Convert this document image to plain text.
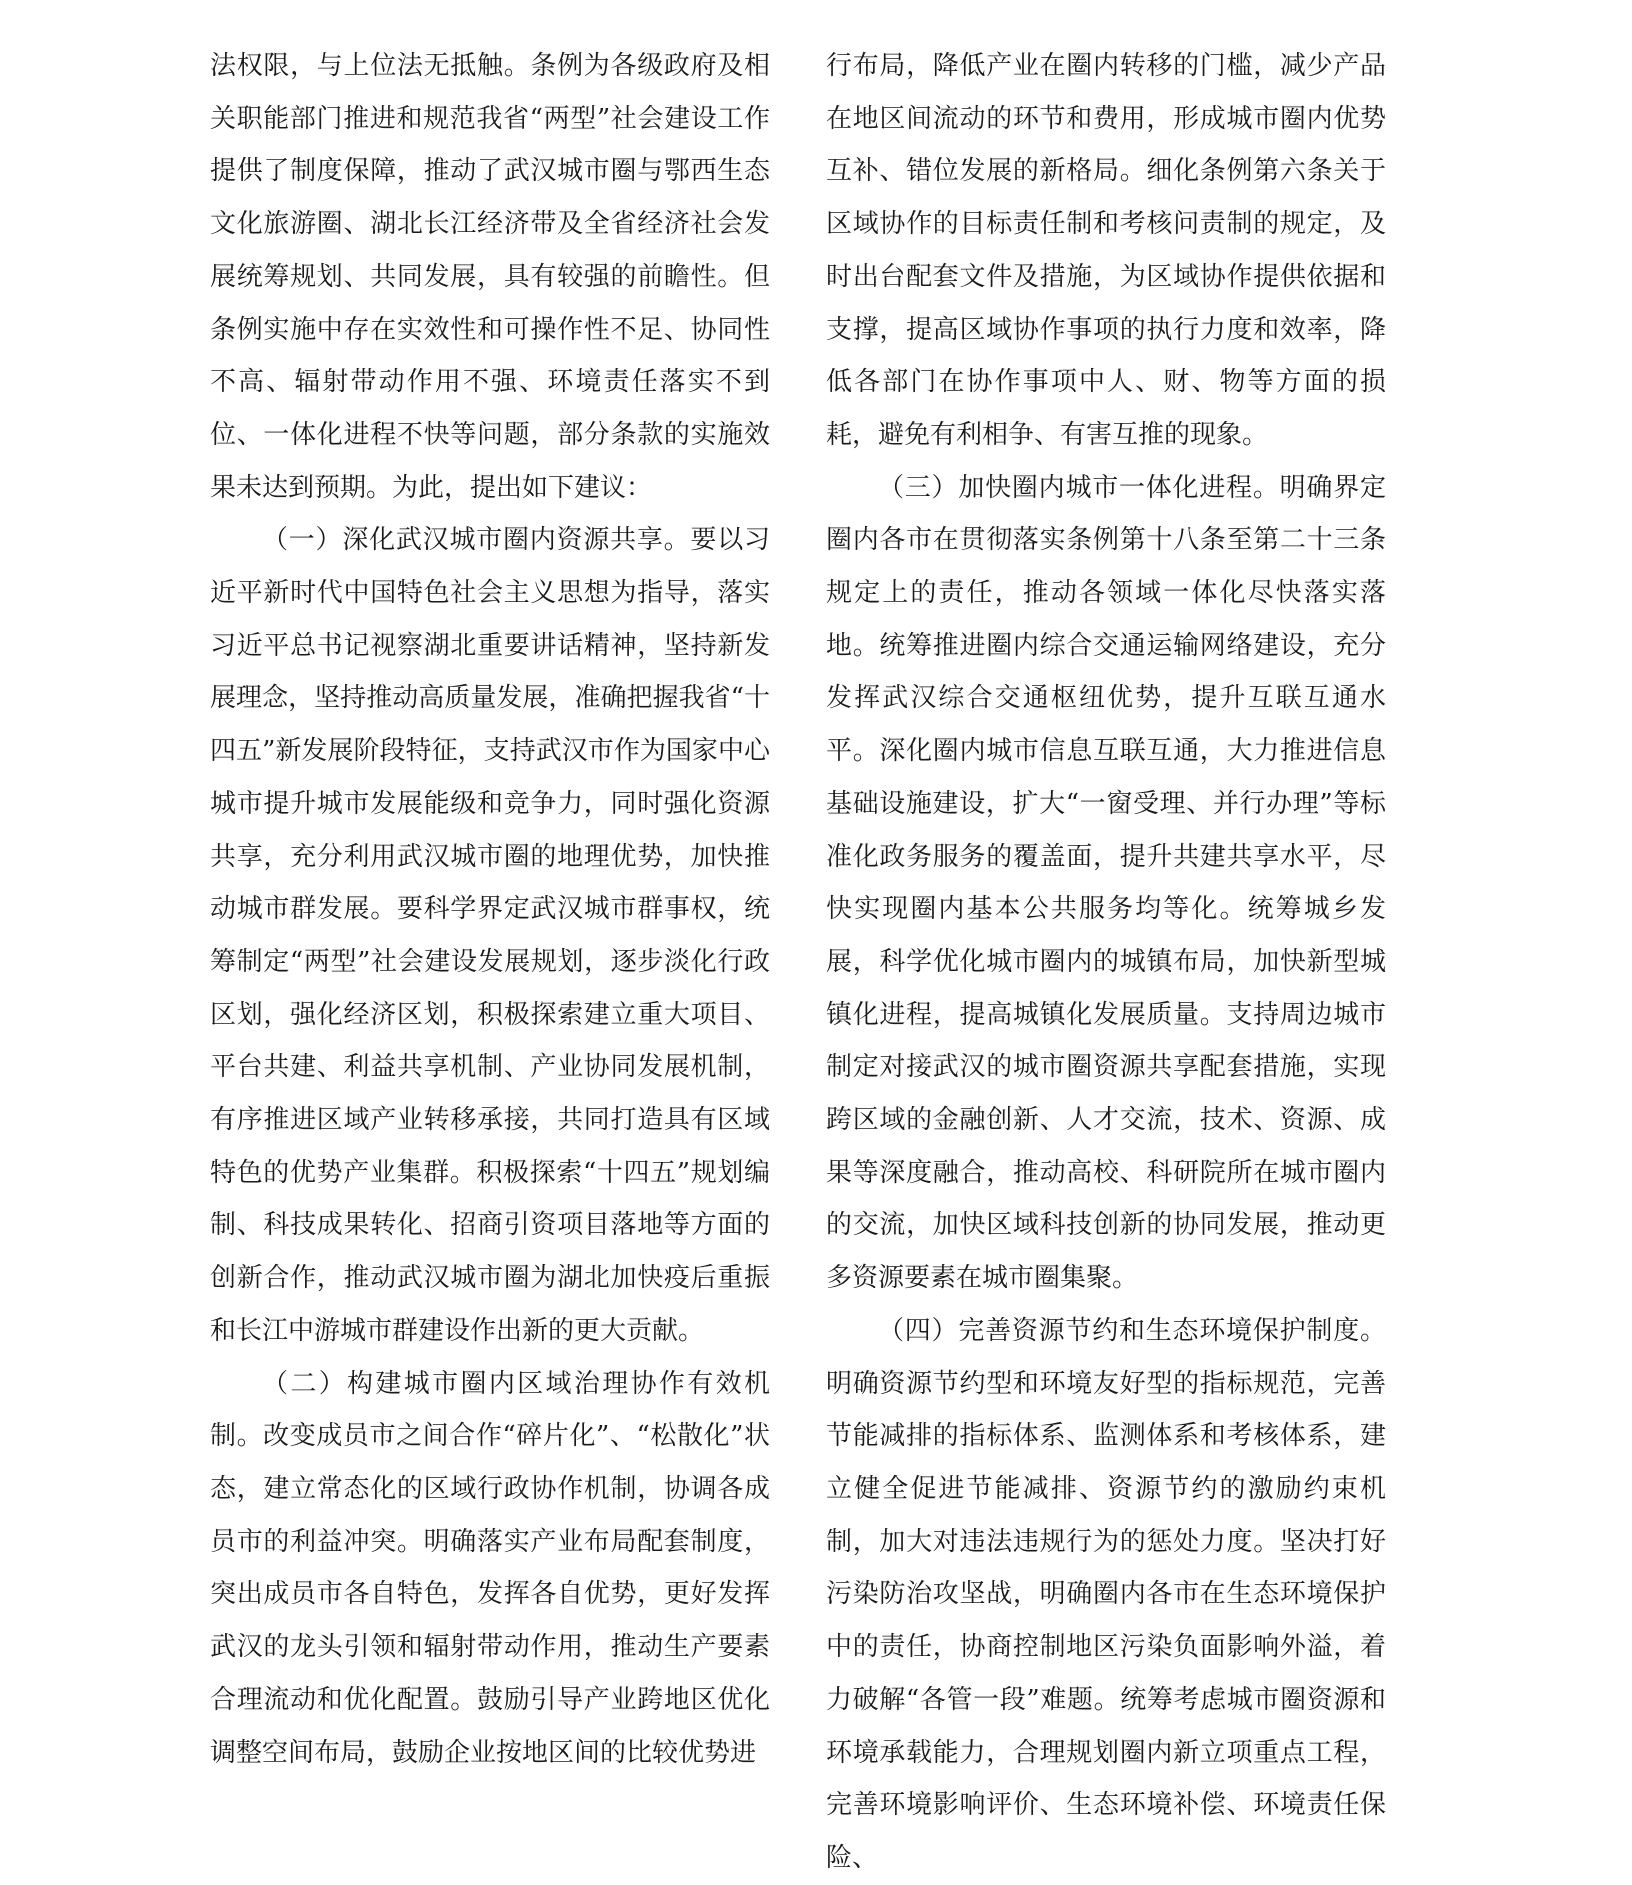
法权限，与上位法无抵触。条例为各级政府及相关职能部门推进和规范我省“两型”社会建设工作提供了制度保障，推动了武汉城市圈与鄂西生态文化旅游圈、湖北长江经济带及全省经济社会发展统筹规划、共同发展，具有较强的前瞻性。但条例实施中存在实效性和可操作性不足、协同性不高、辐射带动作用不强、环境责任落实不到位、一体化进程不快等问题，部分条款的实施效果未达到预期。为此，提出如下建议：

（一）深化武汉城市圈内资源共享。要以习近平新时代中国特色社会主义思想为指导，落实习近平总书记视察湖北重要讲话精神，坚持新发展理念，坚持推动高质量发展，准确把握我省“十四五”新发展阶段特征，支持武汉市作为国家中心城市提升城市发展能级和竞争力，同时强化资源共享，充分利用武汉城市圈的地理优势，加快推动城市群发展。要科学界定武汉城市群事权，统筹制定“两型”社会建设发展规划，逐步淡化行政区划，强化经济区划，积极探索建立重大项目、平台共建、利益共享机制、产业协同发展机制，有序推进区域产业转移承接，共同打造具有区域特色的优势产业集群。积极探索“十四五”规划编制、科技成果转化、招商引资项目落地等方面的创新合作，推动武汉城市圈为湖北加快疫后重振和长江中游城市群建设作出新的更大贡献。

（二）构建城市圈内区域治理协作有效机制。改变成员市之间合作“碎片化”、“松散化”状态，建立常态化的区域行政协作机制，协调各成员市的利益冲突。明确落实产业布局配套制度，突出成员市各自特色，发挥各自优势，更好发挥武汉的龙头引领和辐射带动作用，推动生产要素合理流动和优化配置。鼓励引导产业跨地区优化调整空间布局，鼓励企业按地区间的比较优势进

行布局，降低产业在圈内转移的门槛，减少产品在地区间流动的环节和费用，形成城市圈内优势互补、错位发展的新格局。细化条例第六条关于区域协作的目标责任制和考核问责制的规定，及时出台配套文件及措施，为区域协作提供依据和支撑，提高区域协作事项的执行力度和效率，降低各部门在协作事项中人、财、物等方面的损耗，避免有利相争、有害互推的现象。

（三）加快圈内城市一体化进程。明确界定圈内各市在贯彻落实条例第十八条至第二十三条规定上的责任，推动各领域一体化尽快落实落地。统筹推进圈内综合交通运输网络建设，充分发挥武汉综合交通枢纽优势，提升互联互通水平。深化圈内城市信息互联互通，大力推进信息基础设施建设，扩大“一窗受理、并行办理”等标准化政务服务的覆盖面，提升共建共享水平，尽快实现圈内基本公共服务均等化。统筹城乡发展，科学优化城市圈内的城镇布局，加快新型城镇化进程，提高城镇化发展质量。支持周边城市制定对接武汉的城市圈资源共享配套措施，实现跨区域的金融创新、人才交流，技术、资源、成果等深度融合，推动高校、科研院所在城市圈内的交流，加快区域科技创新的协同发展，推动更多资源要素在城市圈集聚。

（四）完善资源节约和生态环境保护制度。明确资源节约型和环境友好型的指标规范，完善节能减排的指标体系、监测体系和考核体系，建立健全促进节能减排、资源节约的激励约束机制，加大对违法违规行为的惩处力度。坚决打好污染防治攻坚战，明确圈内各市在生态环境保护中的责任，协商控制地区污染负面影响外溢，着力破解“各管一段”难题。统筹考虑城市圈资源和环境承载能力，合理规划圈内新立项重点工程，完善环境影响评价、生态环境补偿、环境责任保险、
